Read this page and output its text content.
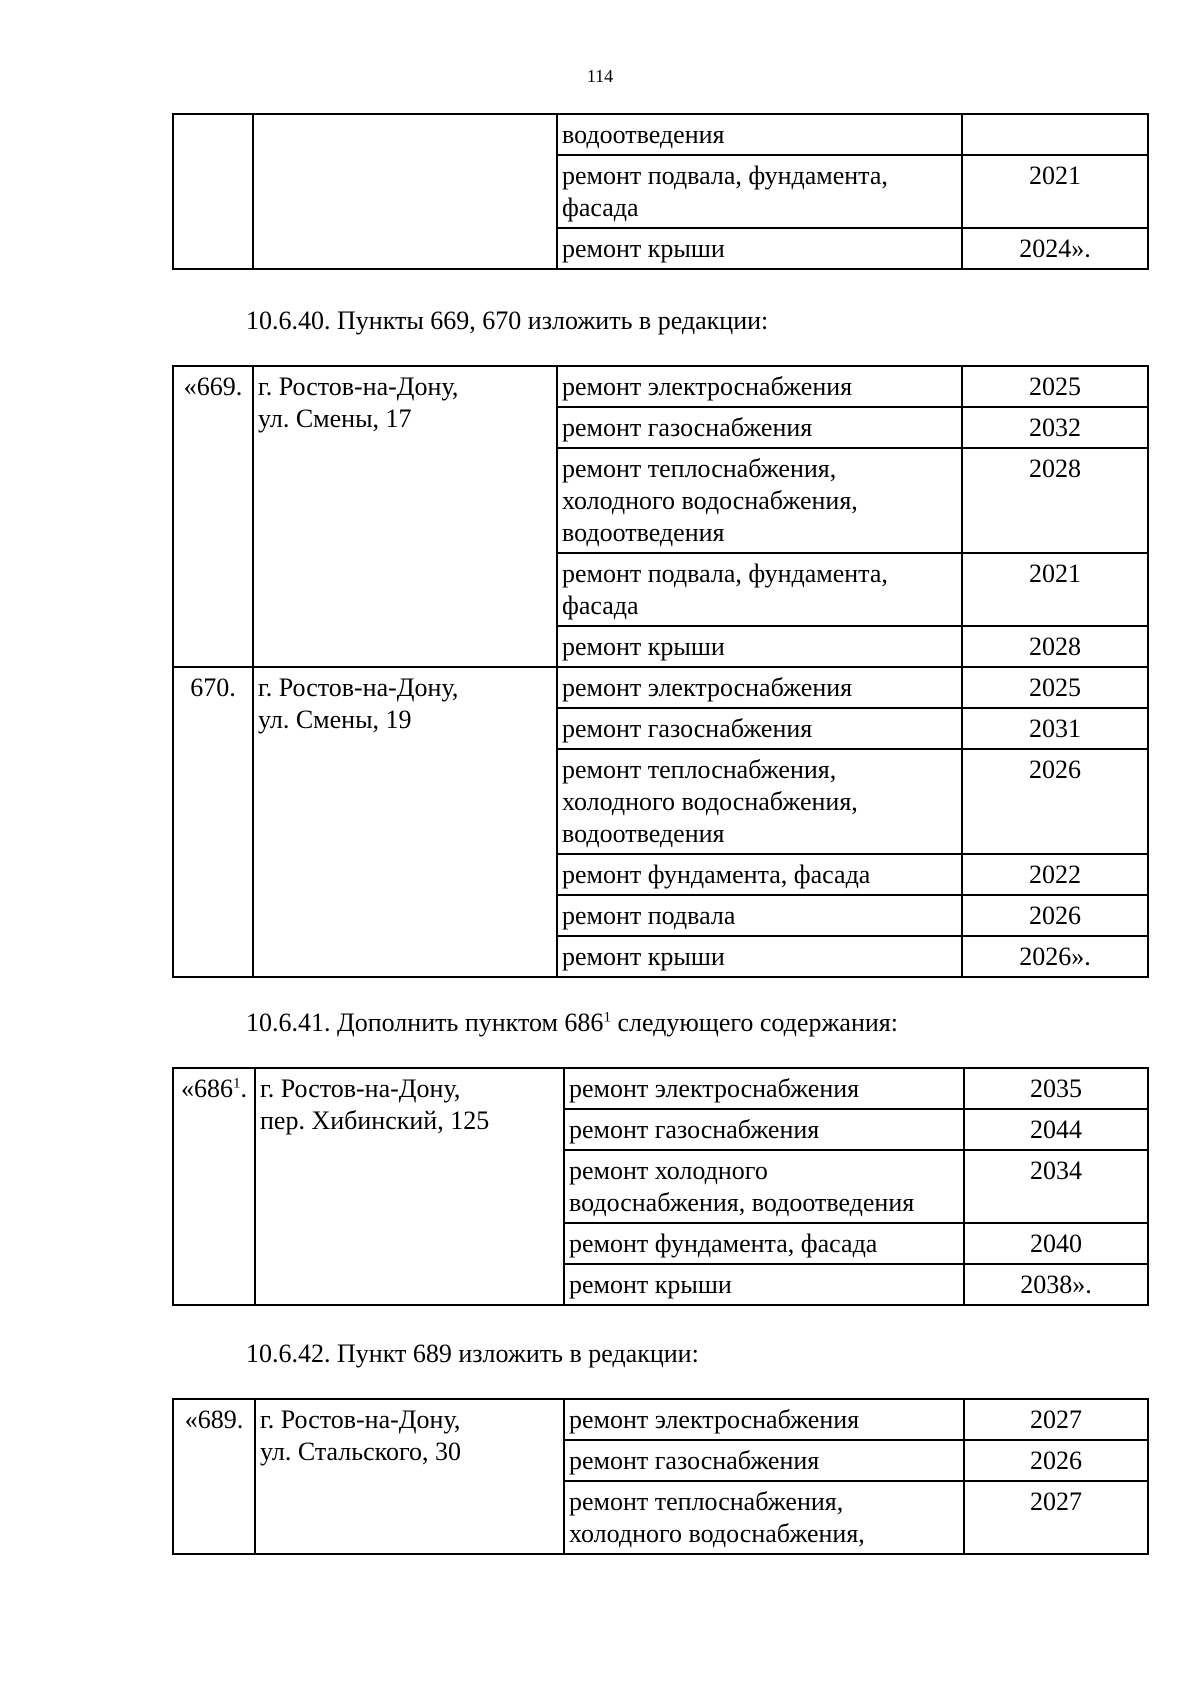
114

		водоотведения	

		ремонт подвала, фундамента,
фасада	2021

		ремонт крыши	2024».
10.6.40. Пункты 669, 670 изложить в редакции:
«669.	г. Ростов-на-Дону,
ул. Смены, 17	ремонт электроснабжения	2025

		ремонт газоснабжения	2032

		ремонт теплоснабжения,
холодного водоснабжения,
водоотведения	2028

		ремонт подвала, фундамента,
фасада	2021

		ремонт крыши	2028
670.	г. Ростов-на-Дону,
ул. Смены, 19	ремонт электроснабжения	2025

		ремонт газоснабжения	2031

		ремонт теплоснабжения,
холодного водоснабжения,
водоотведения	2026

		ремонт фундамента, фасада	2022

		ремонт подвала	2026

		ремонт крыши	2026».
10.6.41. Дополнить пунктом $686^1$ следующего содержания:
«$686^1$.	г. Ростов-на-Дону,
пер. Хибинский, 125	ремонт электроснабжения	2035

		ремонт газоснабжения	2044

		ремонт холодного
водоснабжения, водоотведения	2034

		ремонт фундамента, фасада	2040

		ремонт крыши	2038».
10.6.42. Пункт 689 изложить в редакции:
«689.	г. Ростов-на-Дону,
ул. Стальского, 30	ремонт электроснабжения	2027

		ремонт газоснабжения	2026

		ремонт теплоснабжения,
холодного водоснабжения,	2027
